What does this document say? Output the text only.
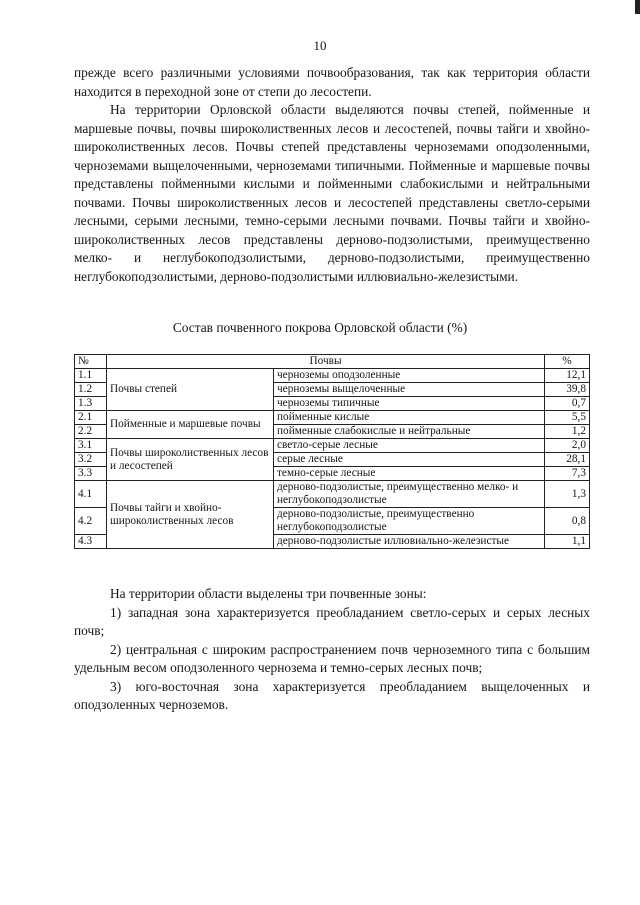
10

прежде всего различными условиями почвообразования, так как территория области находится в переходной зоне от степи до лесостепи.

На территории Орловской области выделяются почвы степей, пойменные и маршевые почвы, почвы широколиственных лесов и лесостепей, почвы тайги и хвойно-широколиственных лесов. Почвы степей представлены черноземами оподзоленными, черноземами выщелоченными, черноземами типичными. Пойменные и маршевые почвы представлены пойменными кислыми и пойменными слабокислыми и нейтральными почвами. Почвы широколиственных лесов и лесостепей представлены светло-серыми лесными, серыми лесными, темно-серыми лесными почвами. Почвы тайги и хвойно-широколиственных лесов представлены дерново-подзолистыми, преимущественно мелко- и неглубокоподзолистыми, дерново-подзолистыми, преимущественно неглубокоподзолистыми, дерново-подзолистыми иллювиально-железистыми.

Состав почвенного покрова Орловской области (%)
№	Почвы		%
1.1	Почвы степей	черноземы оподзоленные	12,1
1.2		черноземы выщелоченные	39,8
1.3		черноземы типичные	0,7
2.1	Пойменные и маршевые почвы	пойменные кислые	5,5
2.2		пойменные слабокислые и нейтральные	1,2
3.1	Почвы широколиственных лесов и лесостепей	светло-серые лесные	2,0
3.2		серые лесные	28,1
3.3		темно-серые лесные	7,3
4.1	Почвы тайги и хвойно-широколиственных лесов	дерново-подзолистые, преимущественно мелко- и неглубокоподзолистые	1,3
4.2		дерново-подзолистые, преимущественно неглубокоподзолистые	0,8
4.3		дерново-подзолистые иллювиально-железистые	1,1

На территории области выделены три почвенные зоны:

1) западная зона характеризуется преобладанием светло-серых и серых лесных почв;

2) центральная с широким распространением почв черноземного типа с большим удельным весом оподзоленного чернозема и темно-серых лесных почв;

3) юго-восточная зона характеризуется преобладанием выщелоченных и оподзоленных черноземов.
